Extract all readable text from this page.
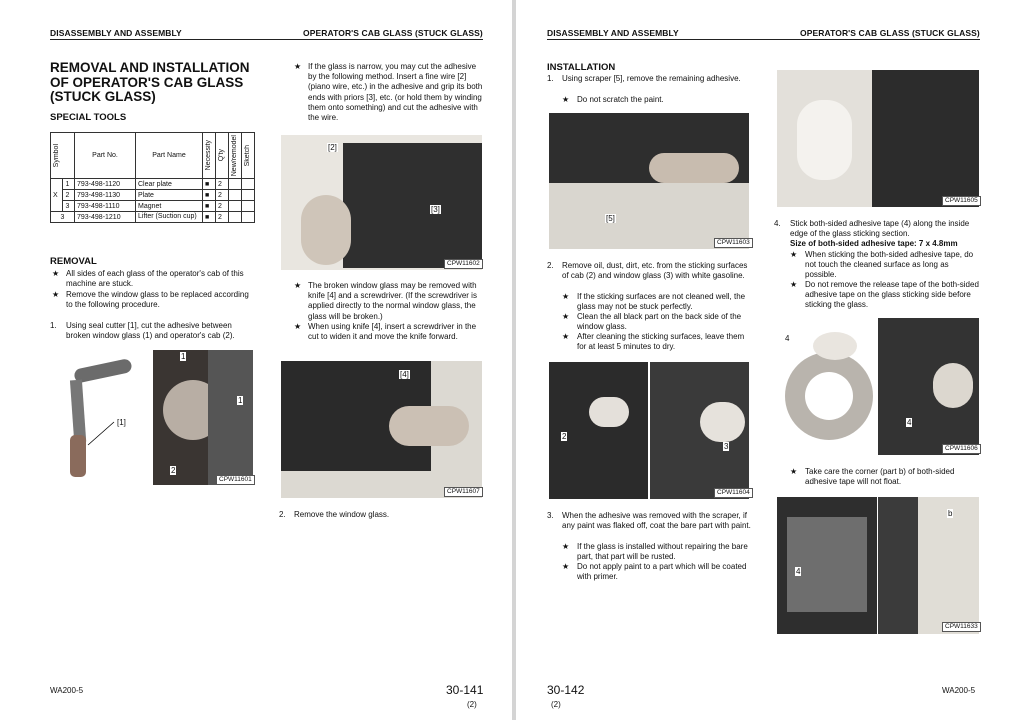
DISASSEMBLY AND ASSEMBLY	OPERATOR'S CAB GLASS (STUCK GLASS)
REMOVAL AND INSTALLATION OF OPERATOR'S CAB GLASS (STUCK GLASS)
SPECIAL TOOLS
Symbol		Part No.	Part Name	Necessity	Q'ty	New/remodel	Sketch

X	1	793-498-1120	Clear plate	■	2		
	2	793-498-1130	Plate	■	2		
	3	793-498-1110	Magnet	■	2		
3		793-498-1210	Lifter (Suction cup)	■	2		
REMOVAL
★ All sides of each glass of the operator's cab of this machine are stuck.
★ Remove the window glass to be replaced according to the following procedure.
1. Using seal cutter [1], cut the adhesive between broken window glass (1) and operator's cab (2).
[1]
1
1
2
CPW11601
★ If the glass is narrow, you may cut the adhesive by the following method. Insert a fine wire [2] (piano wire, etc.) in the adhesive and grip its both ends with priors [3], etc. (or hold them by winding them onto something) and cut the adhesive with the wire.
[2]
[3]
CPW11602
★ The broken window glass may be removed with knife [4] and a screwdriver. (If the screwdriver is applied directly to the normal window glass, the glass will be broken.)
★ When using knife [4], insert a screwdriver in the cut to widen it and move the knife forward.
[4]
CPW11607
2. Remove the window glass.
WA200-5	30-141
(2)
DISASSEMBLY AND ASSEMBLY	OPERATOR'S CAB GLASS (STUCK GLASS)
INSTALLATION
1. Using scraper [5], remove the remaining adhesive.
★ Do not scratch the paint.
[5]
CPW11603
2. Remove oil, dust, dirt, etc. from the sticking surfaces of cab (2) and window glass (3) with white gasoline.
★ If the sticking surfaces are not cleaned well, the glass may not be stuck perfectly.
★ Clean the all black part on the back side of the window glass.
★ After cleaning the sticking surfaces, leave them for at least 5 minutes to dry.
2
3
CPW11604
3. When the adhesive was removed with the scraper, if any paint was flaked off, coat the bare part with paint.
★ If the glass is installed without repairing the bare part, that part will be rusted.
★ Do not apply paint to a part which will be coated with primer.
CPW11605
4. Stick both-sided adhesive tape (4) along the inside edge of the glass sticking section.
Size of both-sided adhesive tape: 7 x 4.8mm
★ When sticking the both-sided adhesive tape, do not touch the cleaned surface as long as possible.
★ Do not remove the release tape of the both-sided adhesive tape on the glass sticking side before sticking the glass.
4
4
CPW11606
★ Take care the corner (part b) of both-sided adhesive tape will not float.
4
b
CPW11633
30-142
(2)
WA200-5
